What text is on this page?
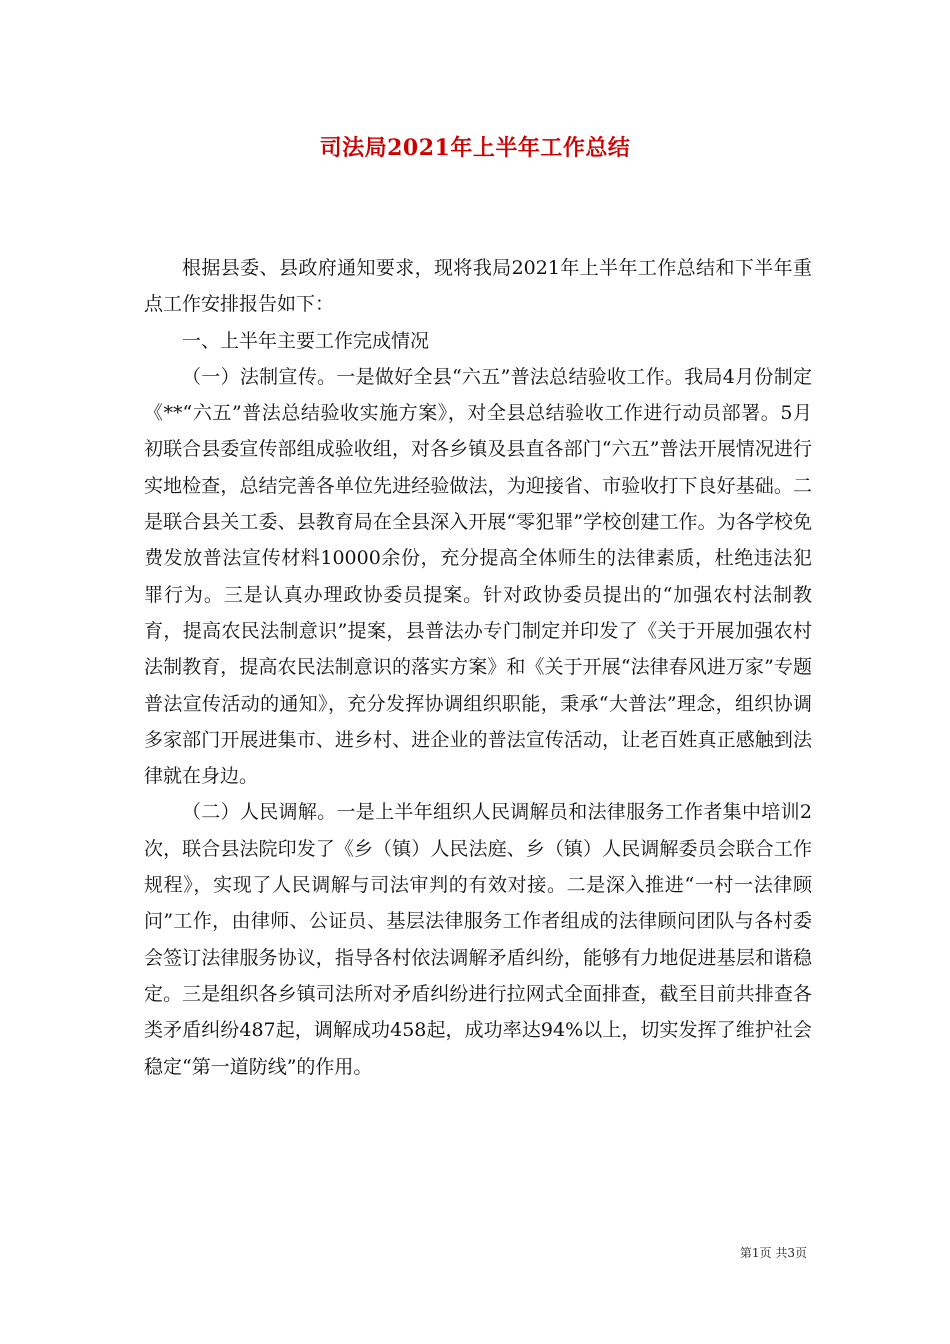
司法局2021年上半年工作总结

根据县委、县政府通知要求，现将我局2021年上半年工作总结和下半年重点工作安排报告如下：

一、上半年主要工作完成情况

（一）法制宣传。一是做好全县“六五”普法总结验收工作。我局4月份制定《**“六五”普法总结验收实施方案》，对全县总结验收工作进行动员部署。5月初联合县委宣传部组成验收组，对各乡镇及县直各部门“六五”普法开展情况进行实地检查，总结完善各单位先进经验做法，为迎接省、市验收打下良好基础。二是联合县关工委、县教育局在全县深入开展“零犯罪”学校创建工作。为各学校免费发放普法宣传材料10000余份，充分提高全体师生的法律素质，杜绝违法犯罪行为。三是认真办理政协委员提案。针对政协委员提出的“加强农村法制教育，提高农民法制意识”提案，县普法办专门制定并印发了《关于开展加强农村法制教育，提高农民法制意识的落实方案》和《关于开展“法律春风进万家”专题普法宣传活动的通知》，充分发挥协调组织职能，秉承“大普法”理念，组织协调多家部门开展进集市、进乡村、进企业的普法宣传活动，让老百姓真正感触到法律就在身边。

（二）人民调解。一是上半年组织人民调解员和法律服务工作者集中培训2次，联合县法院印发了《乡（镇）人民法庭、乡（镇）人民调解委员会联合工作规程》，实现了人民调解与司法审判的有效对接。二是深入推进“一村一法律顾问”工作，由律师、公证员、基层法律服务工作者组成的法律顾问团队与各村委会签订法律服务协议，指导各村依法调解矛盾纠纷，能够有力地促进基层和谐稳定。三是组织各乡镇司法所对矛盾纠纷进行拉网式全面排查，截至目前共排查各类矛盾纠纷487起，调解成功458起，成功率达94%以上，切实发挥了维护社会稳定“第一道防线”的作用。

第1页 共3页
